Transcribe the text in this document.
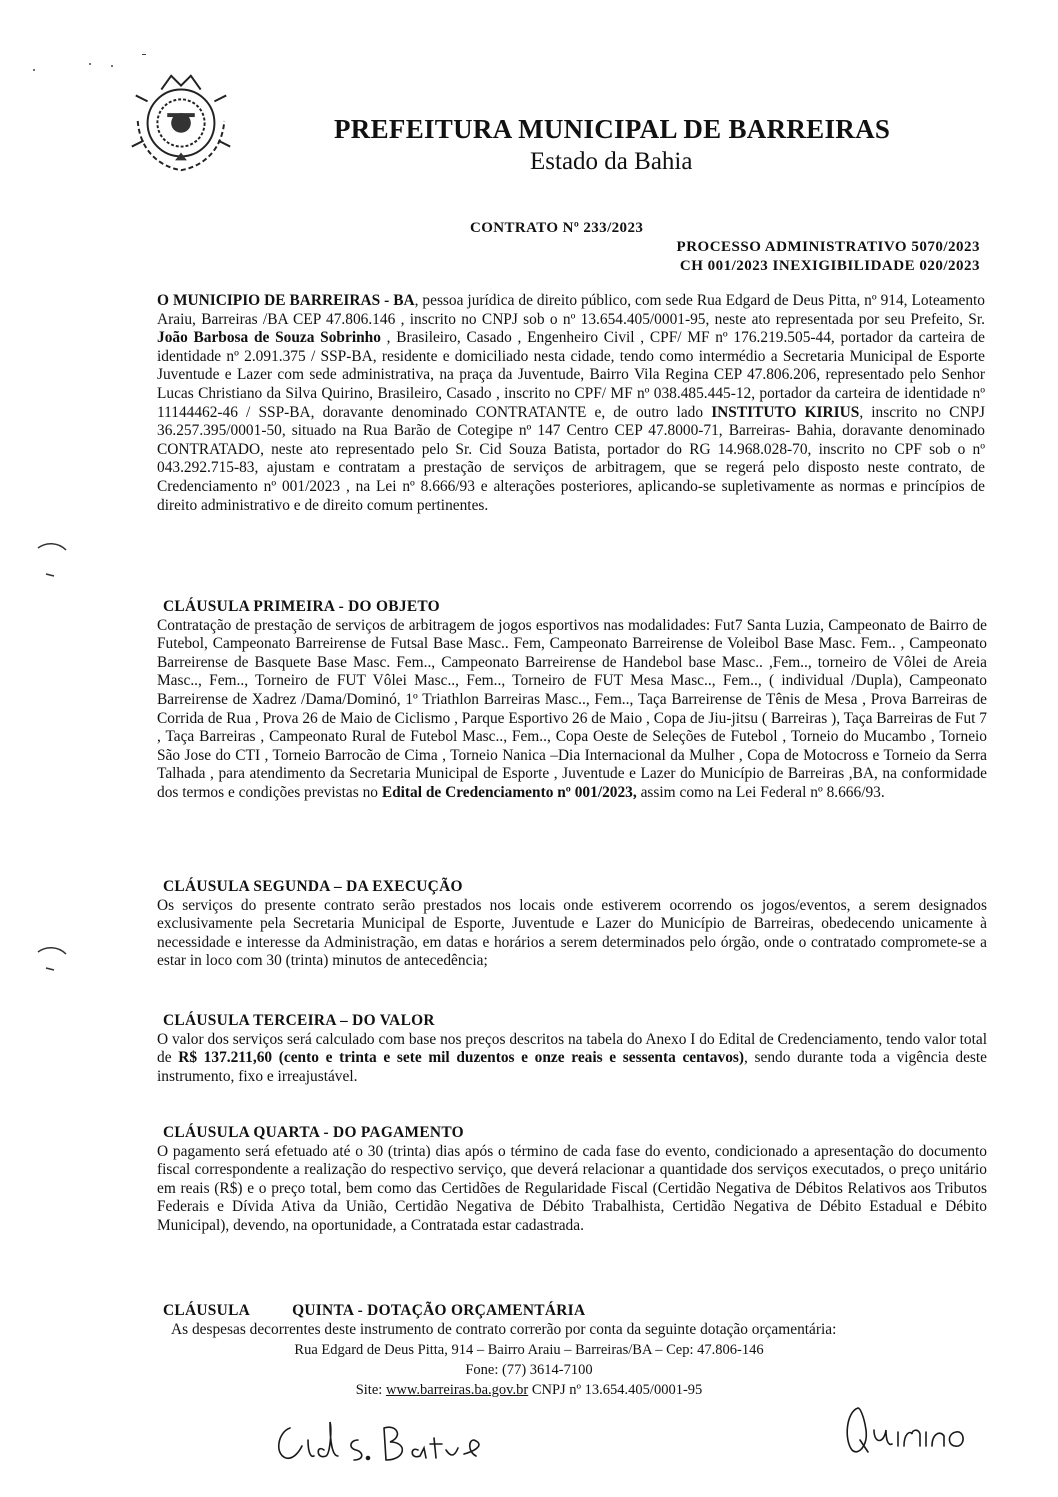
PREFEITURA MUNICIPAL DE BARREIRAS
Estado da Bahia
CONTRATO Nº 233/2023
PROCESSO ADMINISTRATIVO 5070/2023
CH 001/2023 INEXIGIBILIDADE 020/2023
O MUNICIPIO DE BARREIRAS - BA, pessoa jurídica de direito público, com sede Rua Edgard de Deus Pitta, nº 914, Loteamento Araiu, Barreiras /BA CEP 47.806.146 , inscrito no CNPJ sob o nº 13.654.405/0001-95, neste ato representada por seu Prefeito, Sr. João Barbosa de Souza Sobrinho , Brasileiro, Casado , Engenheiro Civil , CPF/ MF nº 176.219.505-44, portador da carteira de identidade nº 2.091.375 / SSP-BA, residente e domiciliado nesta cidade, tendo como intermédio a Secretaria Municipal de Esporte Juventude e Lazer com sede administrativa, na praça da Juventude, Bairro Vila Regina CEP 47.806.206, representado pelo Senhor Lucas Christiano da Silva Quirino, Brasileiro, Casado , inscrito no CPF/ MF nº 038.485.445-12, portador da carteira de identidade nº 11144462-46 / SSP-BA, doravante denominado CONTRATANTE e, de outro lado INSTITUTO KIRIUS, inscrito no CNPJ 36.257.395/0001-50, situado na Rua Barão de Cotegipe nº 147 Centro CEP 47.8000-71, Barreiras- Bahia, doravante denominado CONTRATADO, neste ato representado pelo Sr. Cid Souza Batista, portador do RG 14.968.028-70, inscrito no CPF sob o nº 043.292.715-83, ajustam e contratam a prestação de serviços de arbitragem, que se regerá pelo disposto neste contrato, de Credenciamento nº 001/2023 , na Lei nº 8.666/93 e alterações posteriores, aplicando-se supletivamente as normas e princípios de direito administrativo e de direito comum pertinentes.
CLÁUSULA PRIMEIRA - DO OBJETO
Contratação de prestação de serviços de arbitragem de jogos esportivos nas modalidades: Fut7 Santa Luzia, Campeonato de Bairro de Futebol, Campeonato Barreirense de Futsal Base Masc.. Fem, Campeonato Barreirense de Voleibol Base Masc. Fem.. , Campeonato Barreirense de Basquete Base Masc. Fem.., Campeonato Barreirense de Handebol base Masc.. ,Fem.., torneiro de Vôlei de Areia Masc.., Fem.., Torneiro de FUT Vôlei Masc.., Fem.., Torneiro de FUT Mesa Masc.., Fem.., ( individual /Dupla), Campeonato Barreirense de Xadrez /Dama/Dominó, 1º Triathlon Barreiras Masc.., Fem.., Taça Barreirense de Tênis de Mesa , Prova Barreiras de Corrida de Rua , Prova 26 de Maio de Ciclismo , Parque Esportivo 26 de Maio , Copa de Jiu-jitsu ( Barreiras ), Taça Barreiras de Fut 7 , Taça Barreiras , Campeonato Rural de Futebol Masc.., Fem.., Copa Oeste de Seleções de Futebol , Torneio do Mucambo , Torneio São Jose do CTI , Torneio Barrocão de Cima , Torneio Nanica –Dia Internacional da Mulher , Copa de Motocross e Torneio da Serra Talhada , para atendimento da Secretaria Municipal de Esporte , Juventude e Lazer do Município de Barreiras ,BA, na conformidade dos termos e condições previstas no Edital de Credenciamento nº 001/2023, assim como na Lei Federal nº 8.666/93.
CLÁUSULA SEGUNDA – DA EXECUÇÃO
Os serviços do presente contrato serão prestados nos locais onde estiverem ocorrendo os jogos/eventos, a serem designados exclusivamente pela Secretaria Municipal de Esporte, Juventude e Lazer do Município de Barreiras, obedecendo unicamente à necessidade e interesse da Administração, em datas e horários a serem determinados pelo órgão, onde o contratado compromete-se a estar in loco com 30 (trinta) minutos de antecedência;
CLÁUSULA TERCEIRA – DO VALOR
O valor dos serviços será calculado com base nos preços descritos na tabela do Anexo I do Edital de Credenciamento, tendo valor total de R$ 137.211,60 (cento e trinta e sete mil duzentos e onze reais e sessenta centavos), sendo durante toda a vigência deste instrumento, fixo e irreajustável.
CLÁUSULA QUARTA - DO PAGAMENTO
O pagamento será efetuado até o 30 (trinta) dias após o término de cada fase do evento, condicionado a apresentação do documento fiscal correspondente a realização do respectivo serviço, que deverá relacionar a quantidade dos serviços executados, o preço unitário em reais (R$) e o preço total, bem como das Certidões de Regularidade Fiscal (Certidão Negativa de Débitos Relativos aos Tributos Federais e Dívida Ativa da União, Certidão Negativa de Débito Trabalhista, Certidão Negativa de Débito Estadual e Débito Municipal), devendo, na oportunidade, a Contratada estar cadastrada.
CLÁUSULA	QUINTA - DOTAÇÃO ORÇAMENTÁRIA
As despesas decorrentes deste instrumento de contrato correrão por conta da seguinte dotação orçamentária:
Rua Edgard de Deus Pitta, 914 – Bairro Araiu – Barreiras/BA – Cep: 47.806-146
Fone: (77) 3614-7100
Site: www.barreiras.ba.gov.br CNPJ nº 13.654.405/0001-95
